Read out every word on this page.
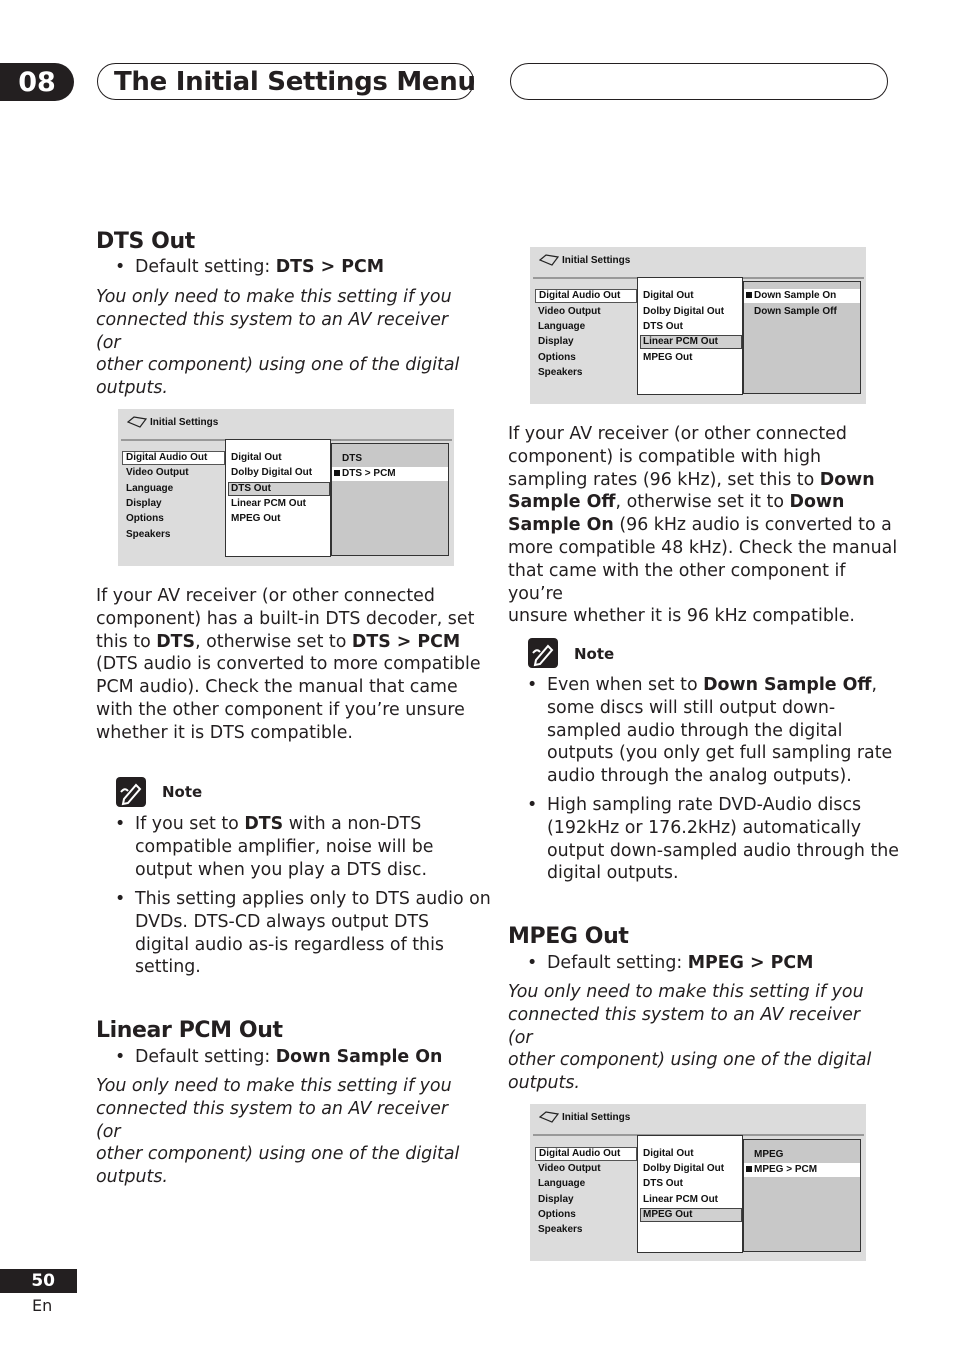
08	The Initial Settings Menu
DTS Out
• Default setting: DTS > PCM
You only need to make this setting if you
connected this system to an AV receiver (or
other component) using one of the digital
outputs.
Initial Settings
Digital Audio Out
Video Output
Language
Display
Options
Speakers
Digital Out
Dolby Digital Out
DTS Out
Linear PCM Out
MPEG Out
DTS
DTS > PCM
If your AV receiver (or other connected
component) has a built-in DTS decoder, set
this to DTS, otherwise set to DTS > PCM
(DTS audio is converted to more compatible
PCM audio). Check the manual that came
with the other component if you’re unsure
whether it is DTS compatible.
Note
• If you set to DTS with a non-DTS
compatible amplifier, noise will be
output when you play a DTS disc.
• This setting applies only to DTS audio on
DVDs. DTS-CD always output DTS
digital audio as-is regardless of this
setting.
Linear PCM Out
• Default setting: Down Sample On
You only need to make this setting if you
connected this system to an AV receiver (or
other component) using one of the digital
outputs.
Initial Settings
Digital Audio Out
Video Output
Language
Display
Options
Speakers
Digital Out
Dolby Digital Out
DTS Out
Linear PCM Out
MPEG Out
Down Sample On
Down Sample Off
If your AV receiver (or other connected
component) is compatible with high
sampling rates (96 kHz), set this to Down
Sample Off, otherwise set it to Down
Sample On (96 kHz audio is converted to a
more compatible 48 kHz). Check the manual
that came with the other component if you’re
unsure whether it is 96 kHz compatible.
Note
• Even when set to Down Sample Off,
some discs will still output down-
sampled audio through the digital
outputs (you only get full sampling rate
audio through the analog outputs).
• High sampling rate DVD-Audio discs
(192kHz or 176.2kHz) automatically
output down-sampled audio through the
digital outputs.
MPEG Out
• Default setting: MPEG > PCM
You only need to make this setting if you
connected this system to an AV receiver (or
other component) using one of the digital
outputs.
Initial Settings
Digital Audio Out
Video Output
Language
Display
Options
Speakers
Digital Out
Dolby Digital Out
DTS Out
Linear PCM Out
MPEG Out
MPEG
MPEG > PCM
50
En
